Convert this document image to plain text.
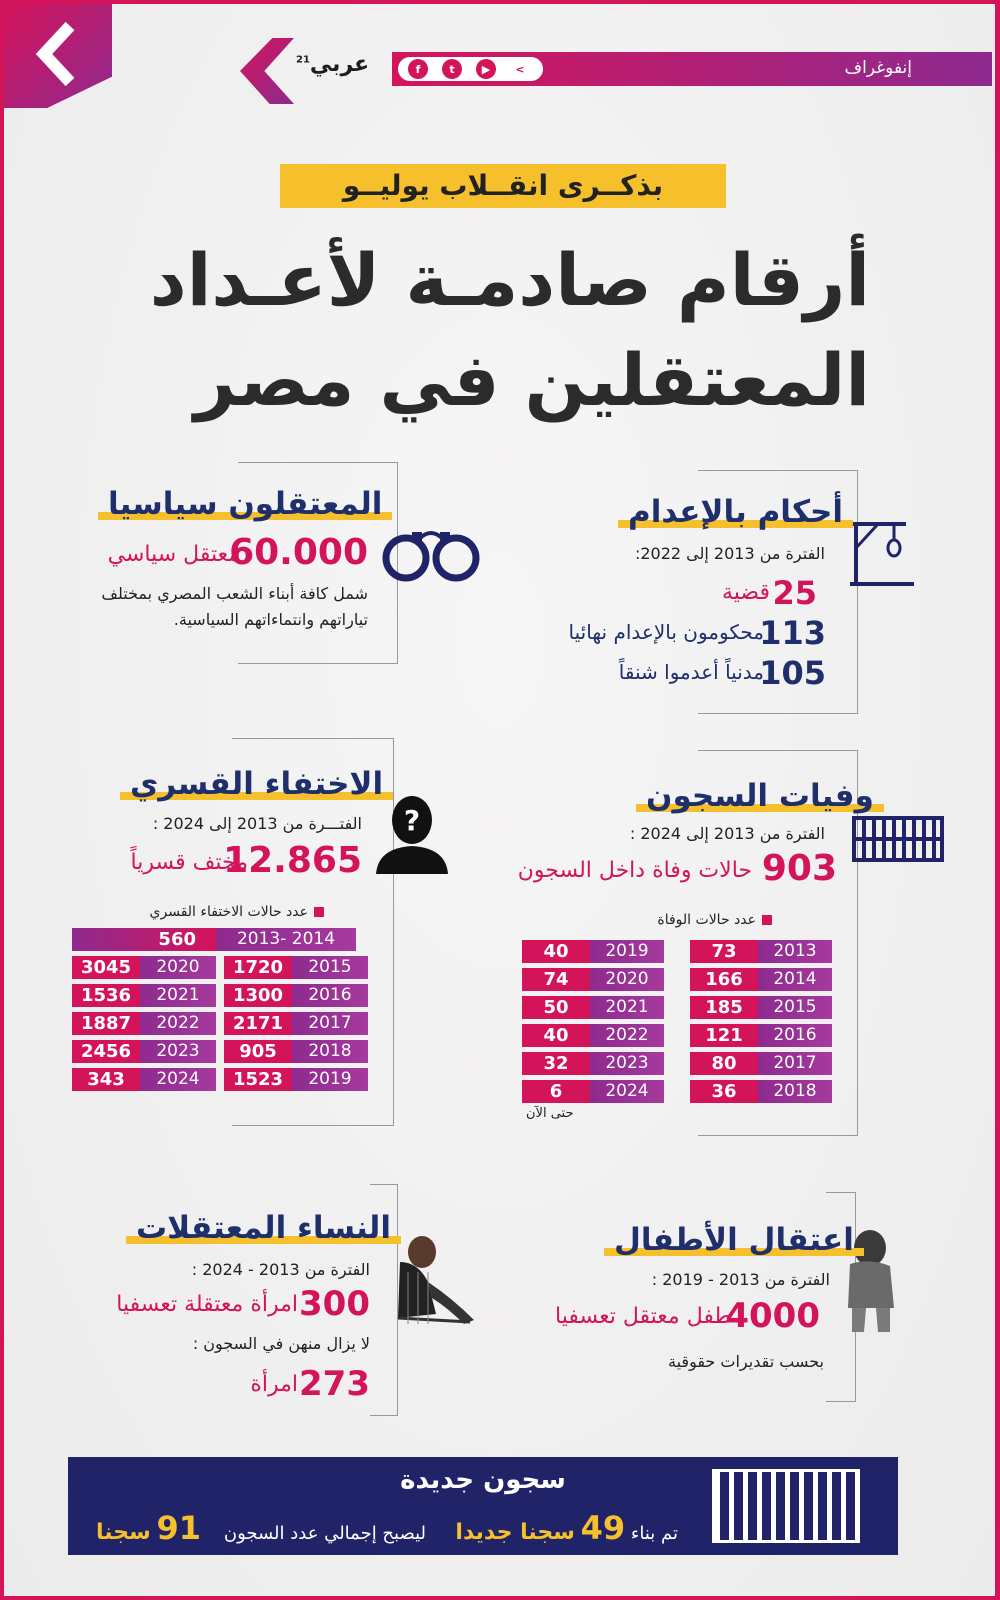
f	t	▶	<	إنفوغراف
عربي$^{21}$
بذكــرى انقــلاب يوليــو
أرقام صادمـة لأعـداد
المعتقلين في مصر
المعتقلون سياسيا
60.000
معتقل سياسي
شمل كافة أبناء الشعب المصري بمختلف
تياراتهم وانتماءاتهم السياسية.
أحكام بالإعدام
الفترة من 2013 إلى 2022:
25
قضية
113
محكومون بالإعدام نهائيا
105
مدنياً أعدموا شنقاً
الاختفاء القسري
الفتـــرة من 2013 إلى 2024 :
12.865
مختف قسرياً
?
عدد حالات الاختفاء القسري
560	2013- 2014
3045	2020
1536	2021
1887	2022
2456	2023
343	2024
1720	2015
1300	2016
2171	2017
905	2018
1523	2019
وفيات السجون
الفترة من 2013 إلى 2024 :
903
حالات وفاة داخل السجون
عدد حالات الوفاة
40	2019
74	2020
50	2021
40	2022
32	2023
6	2024
73	2013
166	2014
185	2015
121	2016
80	2017
36	2018
حتى الآن
النساء المعتقلات
الفترة من 2013 - 2024 :
300
امرأة معتقلة تعسفيا
لا يزال منهن في السجون :
273
امرأة
اعتقال الأطفال
الفترة من 2013 - 2019 :
4000
طفل معتقل تعسفيا
بحسب تقديرات حقوقية
سجون جديدة
تم بناء 49 سجنا جديدا
ليصبح إجمالي عدد السجون    91 سجنا
